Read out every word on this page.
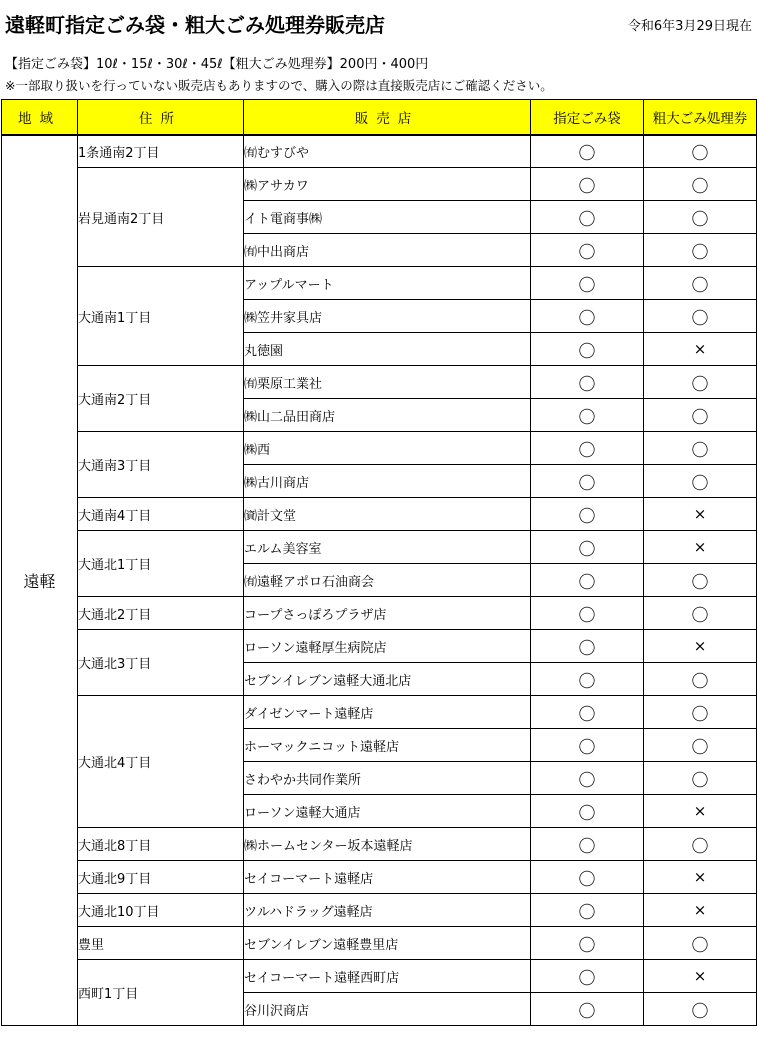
遠軽町指定ごみ袋・粗大ごみ処理券販売店	令和6年3月29日現在
【指定ごみ袋】10ℓ・15ℓ・30ℓ・45ℓ【粗大ごみ処理券】200円・400円
※一部取り扱いを行っていない販売店もありますので、購入の際は直接販売店にご確認ください。
地域	住所	販売店	指定ごみ袋	粗大ごみ処理券
遠軽	1条通南2丁目	㈲むすびや	〇	〇
	岩見通南2丁目	㈱アサカワ	〇	〇
		イト電商事㈱	〇	〇
		㈲中出商店	〇	〇
	大通南1丁目	アップルマート	〇	〇
		㈱笠井家具店	〇	〇
		丸徳園	〇	×
	大通南2丁目	㈲栗原工業社	〇	〇
		㈱山二品田商店	〇	〇
	大通南3丁目	㈱西	〇	〇
		㈱古川商店	〇	〇
	大通南4丁目	㈾計文堂	〇	×
	大通北1丁目	エルム美容室	〇	×
		㈲遠軽アポロ石油商会	〇	〇
	大通北2丁目	コープさっぽろプラザ店	〇	〇
	大通北3丁目	ローソン遠軽厚生病院店	〇	×
		セブンイレブン遠軽大通北店	〇	〇
	大通北4丁目	ダイゼンマート遠軽店	〇	〇
		ホーマックニコット遠軽店	〇	〇
		さわやか共同作業所	〇	〇
		ローソン遠軽大通店	〇	×
	大通北8丁目	㈱ホームセンター坂本遠軽店	〇	〇
	大通北9丁目	セイコーマート遠軽店	〇	×
	大通北10丁目	ツルハドラッグ遠軽店	〇	×
	豊里	セブンイレブン遠軽豊里店	〇	〇
	西町1丁目	セイコーマート遠軽西町店	〇	×
		谷川沢商店	〇	〇
